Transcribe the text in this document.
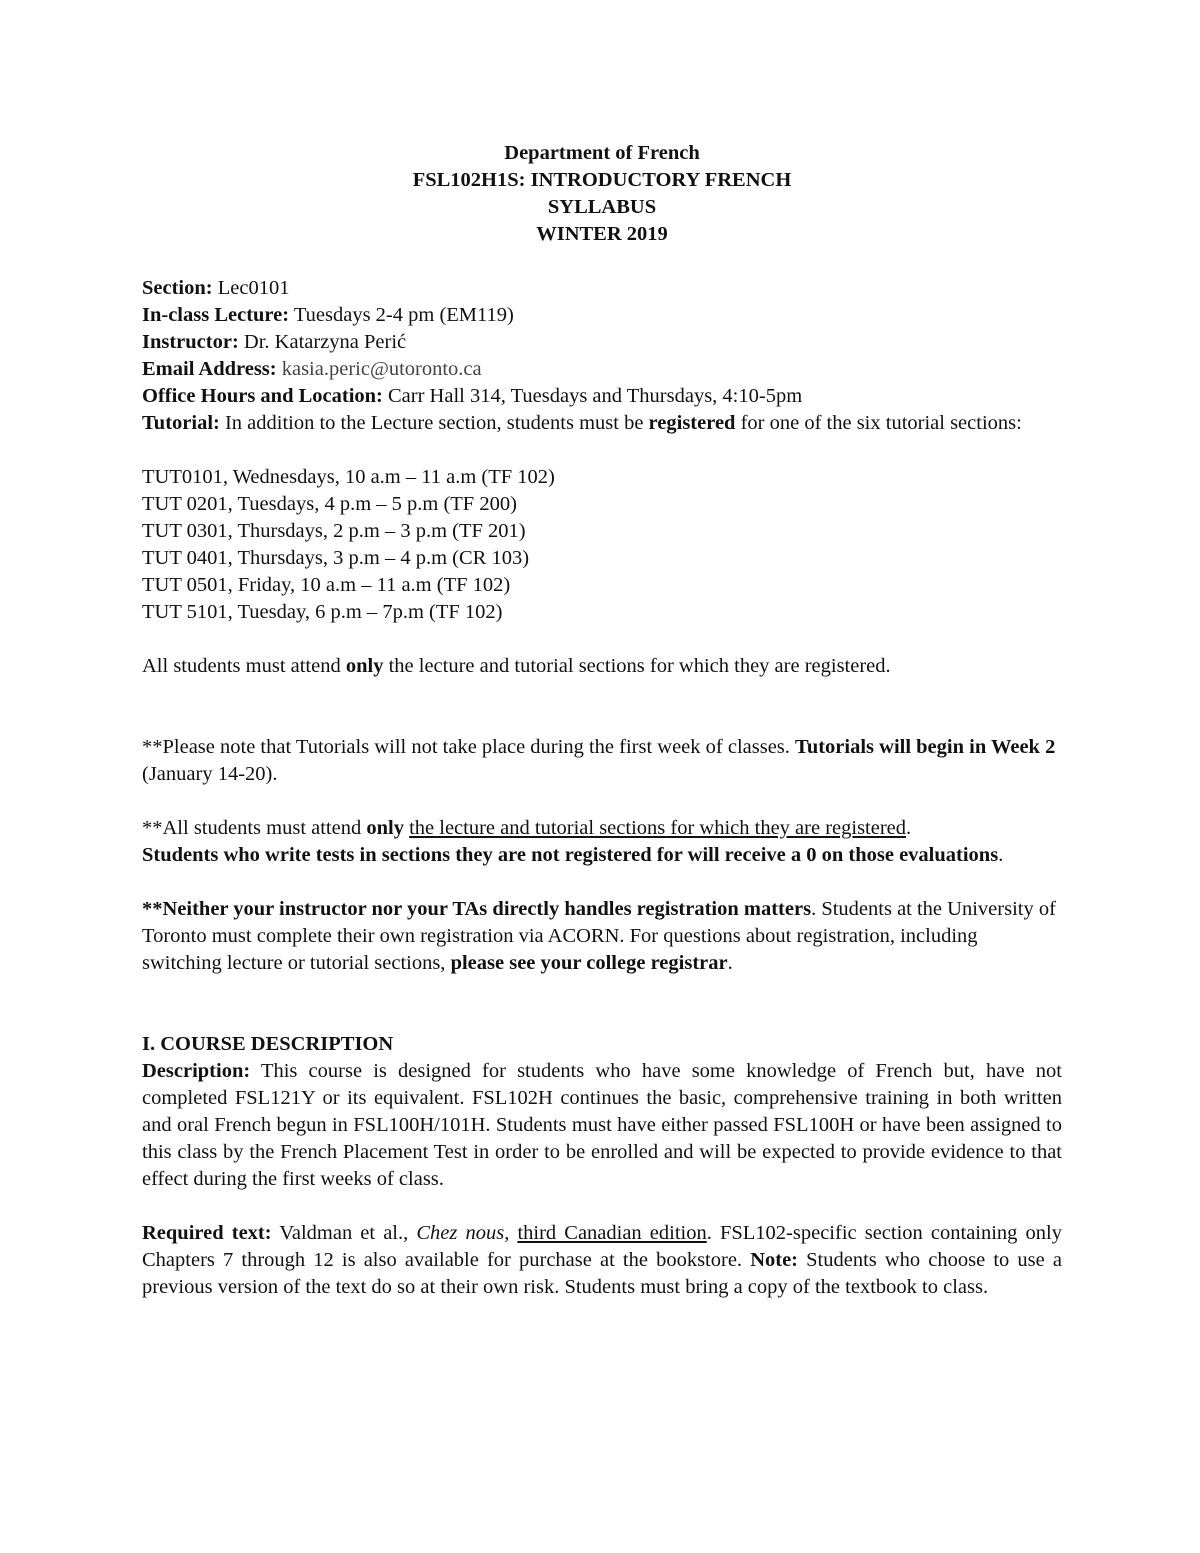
Department of French
FSL102H1S: INTRODUCTORY FRENCH
SYLLABUS
WINTER 2019
Section: Lec0101
In-class Lecture: Tuesdays 2-4 pm (EM119)
Instructor: Dr. Katarzyna Perić
Email Address: kasia.peric@utoronto.ca
Office Hours and Location: Carr Hall 314, Tuesdays and Thursdays, 4:10-5pm
Tutorial: In addition to the Lecture section, students must be registered for one of the six tutorial sections:
TUT0101, Wednesdays, 10 a.m – 11 a.m (TF 102)
TUT 0201, Tuesdays, 4 p.m – 5 p.m (TF 200)
TUT 0301, Thursdays, 2 p.m – 3 p.m (TF 201)
TUT 0401, Thursdays, 3 p.m – 4 p.m (CR 103)
TUT 0501, Friday, 10 a.m – 11 a.m (TF 102)
TUT 5101, Tuesday, 6 p.m – 7p.m (TF 102)
All students must attend only the lecture and tutorial sections for which they are registered.

**Please note that Tutorials will not take place during the first week of classes. Tutorials will begin in Week 2 (January 14-20).

**All students must attend only the lecture and tutorial sections for which they are registered.
Students who write tests in sections they are not registered for will receive a 0 on those evaluations.

**Neither your instructor nor your TAs directly handles registration matters. Students at the University of Toronto must complete their own registration via ACORN. For questions about registration, including switching lecture or tutorial sections, please see your college registrar.

I. COURSE DESCRIPTION

Description: This course is designed for students who have some knowledge of French but, have not completed FSL121Y or its equivalent. FSL102H continues the basic, comprehensive training in both written and oral French begun in FSL100H/101H. Students must have either passed FSL100H or have been assigned to this class by the French Placement Test in order to be enrolled and will be expected to provide evidence to that effect during the first weeks of class.

Required text: Valdman et al., Chez nous, third Canadian edition. FSL102-specific section containing only Chapters 7 through 12 is also available for purchase at the bookstore. Note: Students who choose to use a previous version of the text do so at their own risk. Students must bring a copy of the textbook to class.
